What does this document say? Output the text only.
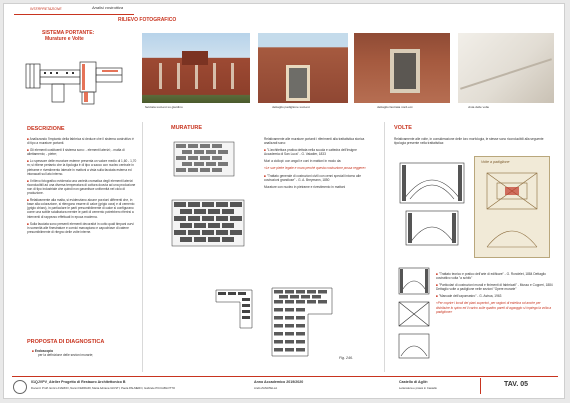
INTERPRETAZIONE	Analisi costruttiva
RILIEVO FOTOGRAFICO
SISTEMA PORTANTE:
Murature e Volte
facciata sud-est su giardino	dettaglio padiglione sud-est	dettaglio facciata nord-est	vista delle volte
DESCRIZIONE

■ Analizzando l'impianto della fabbrica si deduce che il sistema costruttivo è di tipo a murature portanti.

■ Gli elementi costituenti il sistema sono: - elementi laterizi; - malta di allettamento; - pietre;

■ Lo spessore delle murature esterne presenta un valore medio di 1,60 - 1,70 m; si ritiene pertanto che la tipologia è di tipo a sacco con nucleo centrale in pietrame e rivestimento laterale in mattoni a vista sulla facciata esterna ed intonacati sul lato interno.

■ Il rilievo fotografico evidenzia una varietà cromatica degli elementi laterizi riconducibili ad una diversa temperatura di cottura dovuta ad una produzione non di tipo industriale che quindi non garantisce uniformità nel ciclo di produzione.

■ Relativamente alla malta, si evidenziano alcune porzioni differenti che, in base alla colorazione, si ritengono essere di calce (grigio ocra) e di cemento (grigio chiaro), in particolare le parti presumibilmente di calce si configurano come una sottile scialbatura mentre le parti di cemento potrebbero riferirsi a interventi di rappezzo effettuati in epoca moderna.

■ Sulla facciata sono presenti elementi decorativi in cotto quali timpani curvi in sommità alle finestrature e cornici marcapiano e capochiave di catene presumibilmente di ritegno delle volte interne.

PROPOSTA DI DIAGNOSTICA
■ Endoscopia
per la definizione delle sezioni murarie;
MURATURE

Relativamente alle murature portanti i riferimenti alla trattatistica storica analizzati sono:

■ "L'architettura pratica dettata nella scuola e cattedra dell'Insigne Accademia di San Luca" - G. Valadier, 1833

Muri a cicliopi: con angoli e coni in mattoni in modo da:

«Le sue pietre legate e mura perché questa costruzione possa reggere»

■ "Trattato generale di costruzioni civili con cenni speciali intorno alle costruzioni grandiose" - G. A. Breymann, 1850

Murature con nucleo in pietrame e rivestimento in mattoni

Fig. 246.
VOLTE
Relativamente alle volte, in considerazione delle loro morfologia, le stesse sono riconducibili alla seguente tipologia presente nella trattatistica:
Volte a padiglione

■ "Trattato teorico e pratico dell'arte di edificare" - G. Rondelet, 1884 Dettaglio costruttivo volta "a schifo"

■ "Particolari di costruzioni murali e finimenti di fabbricati" - Musso e Copperi, 1884 Dettaglio volte a padiglione nelle sezioni "Opere murarie"

■ "Manuale dell'capomastro" - G. Astrua, 1963

«Per coprire i locali dei piani superiori, per ragioni di estetica od anche per distribuire lo spino ed il carico sulle quattro pareti di appoggio si impiega la volta a padiglione»

01QJVPV_Atelier Progetto di Restauro Architettonico B
Docenti: Proff. Enrico FIARDO, Nanni FERRARI, Maria Adriana GIUSTI, Paola PALMERO, Gabriele PICCABLOTTO
Anno Accademico 2019/2020
Andò ZANATELLA
Castello di Agliè:
Letteratura e prassi in Castello	TAV. 05
